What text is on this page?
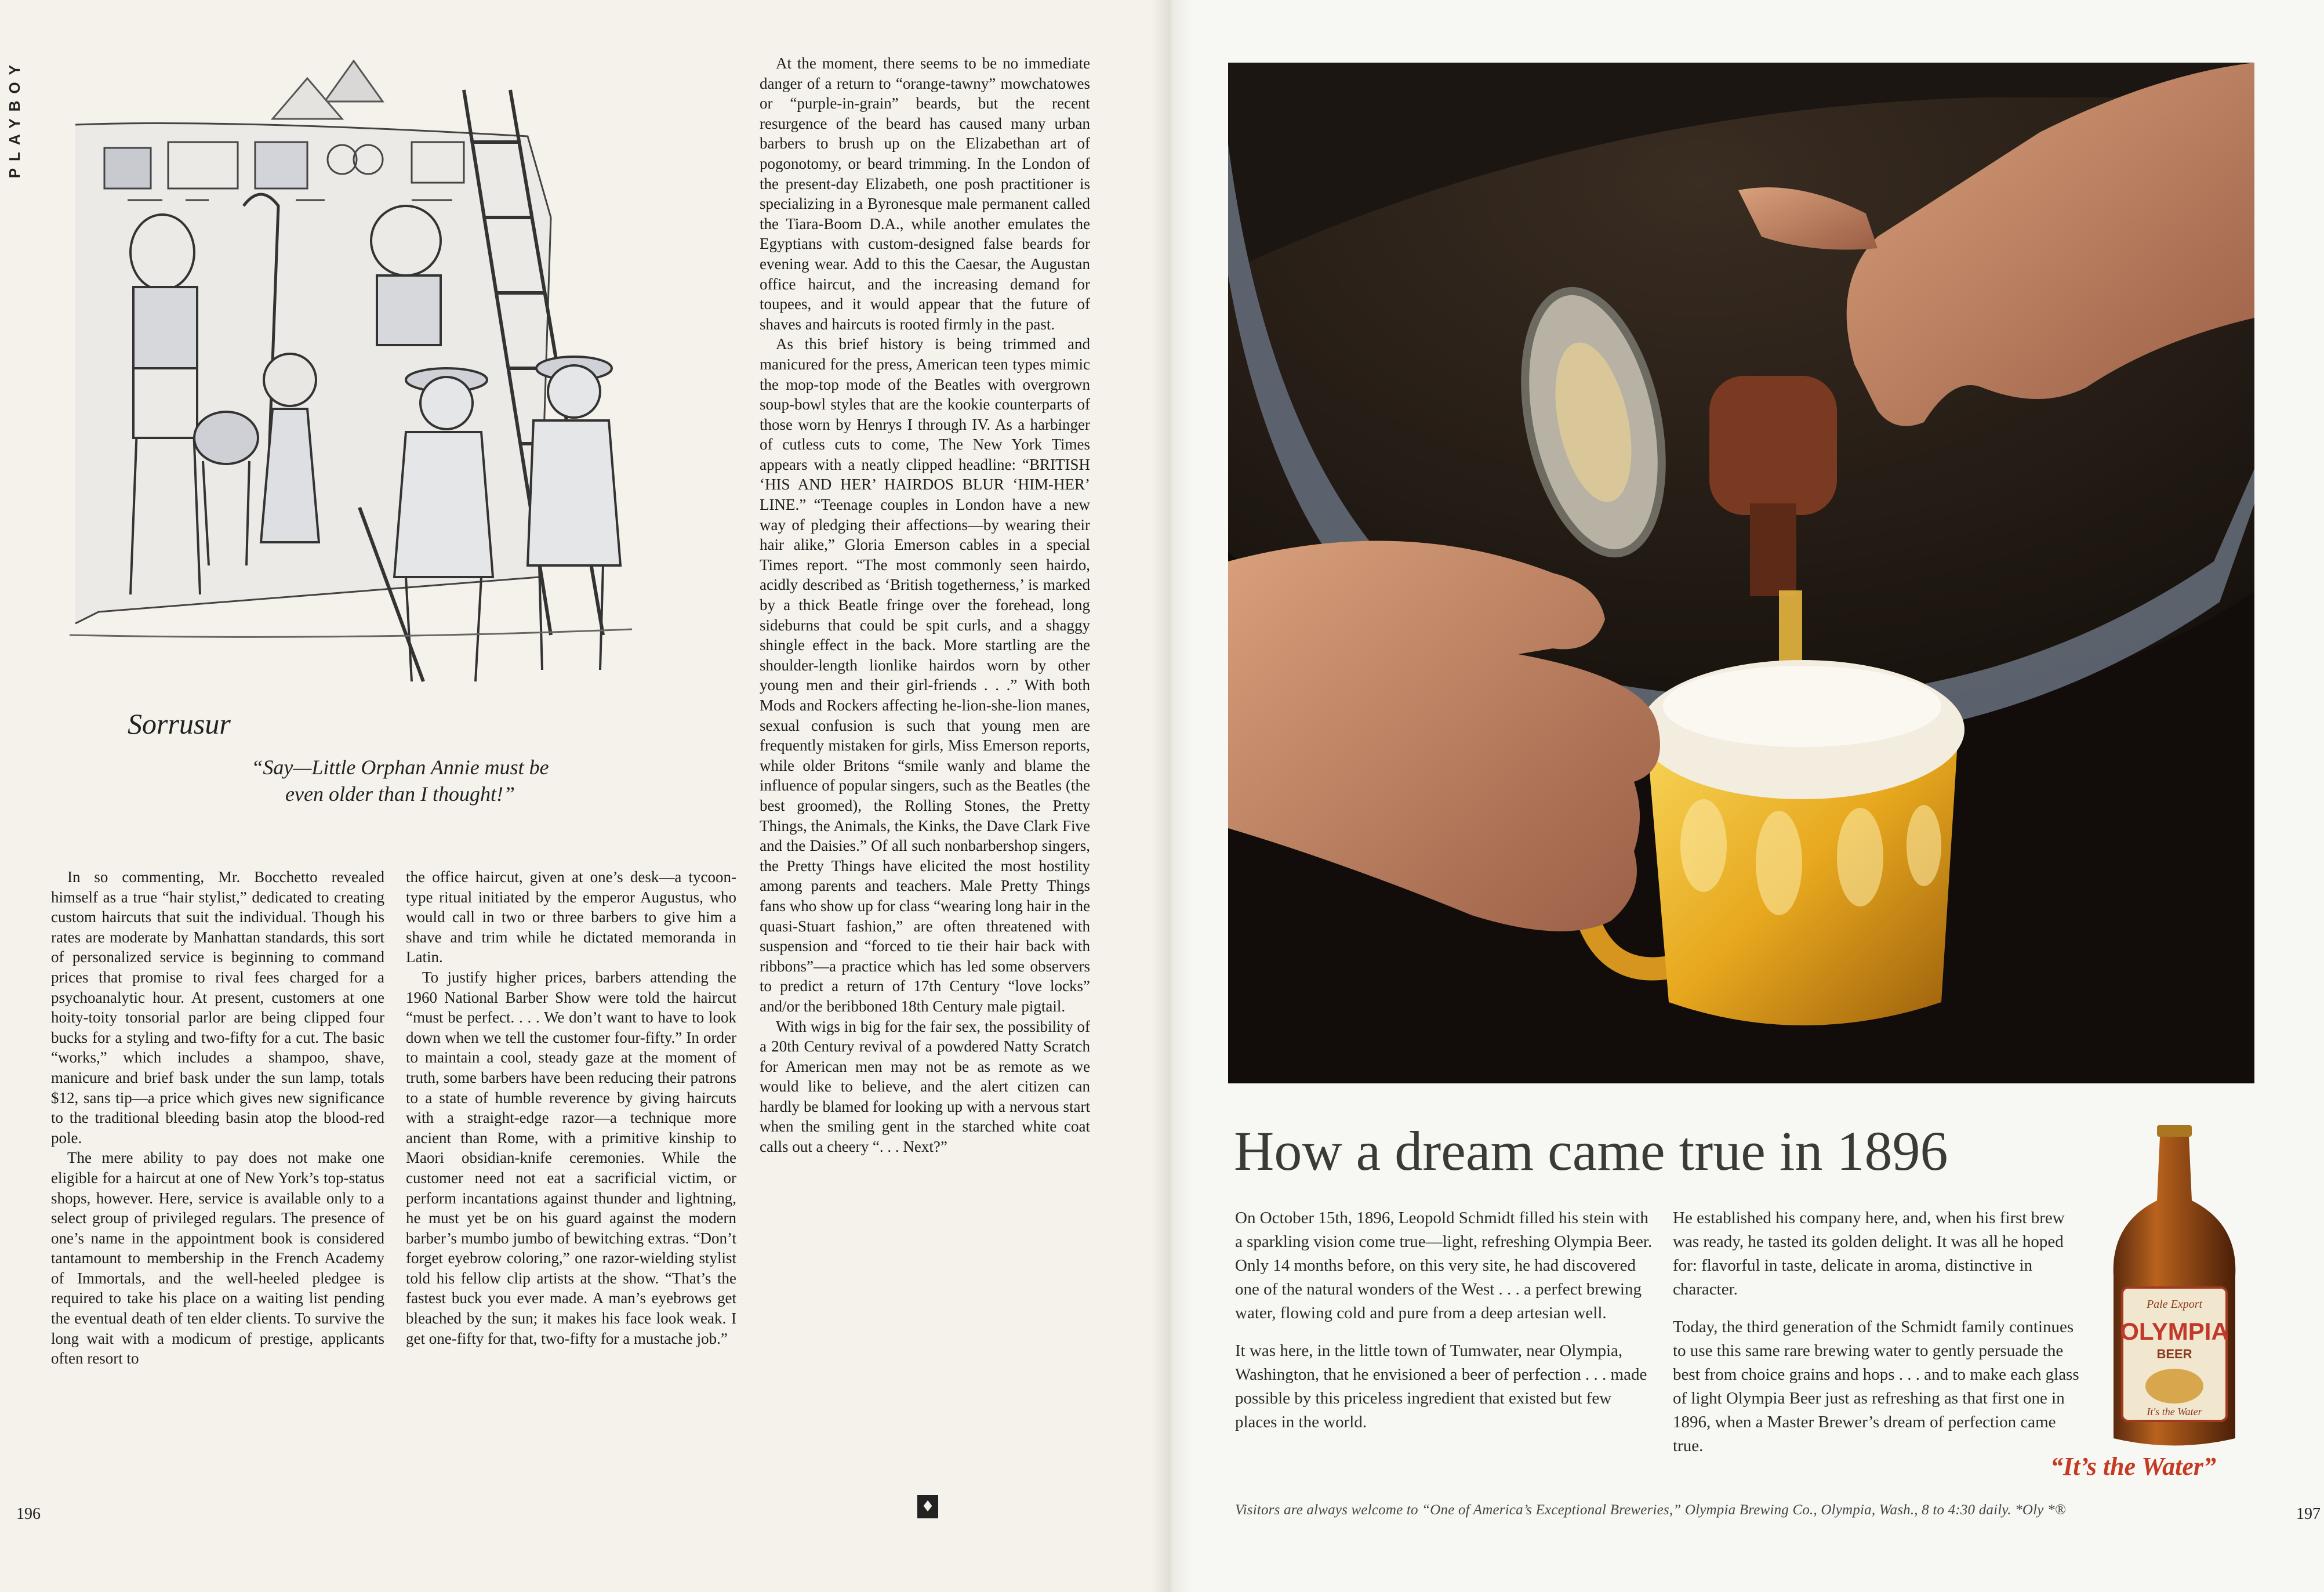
PLAYBOY
Sorrusur
“Say—Little Orphan Annie must be
even older than I thought!”

In so commenting, Mr. Bocchetto revealed himself as a true “hair stylist,” dedicated to creating custom haircuts that suit the individual. Though his rates are moderate by Manhattan standards, this sort of personalized service is beginning to command prices that promise to rival fees charged for a psychoanalytic hour. At present, customers at one hoity-toity tonsorial parlor are being clipped four bucks for a styling and two-fifty for a cut. The basic “works,” which includes a shampoo, shave, manicure and brief bask under the sun lamp, totals $12, sans tip—a price which gives new significance to the traditional bleeding basin atop the blood-red pole.

The mere ability to pay does not make one eligible for a haircut at one of New York’s top-status shops, however. Here, service is available only to a select group of privileged regulars. The presence of one’s name in the appointment book is considered tantamount to membership in the French Academy of Immortals, and the well-heeled pledgee is required to take his place on a waiting list pending the eventual death of ten elder clients. To survive the long wait with a modicum of prestige, applicants often resort to

the office haircut, given at one’s desk—a tycoon-type ritual initiated by the emperor Augustus, who would call in two or three barbers to give him a shave and trim while he dictated memoranda in Latin.

To justify higher prices, barbers attending the 1960 National Barber Show were told the haircut “must be perfect. . . . We don’t want to have to look down when we tell the customer four-fifty.” In order to maintain a cool, steady gaze at the moment of truth, some barbers have been reducing their patrons to a state of humble reverence by giving haircuts with a straight-edge razor—a technique more ancient than Rome, with a primitive kinship to Maori obsidian-knife ceremonies. While the customer need not eat a sacrificial victim, or perform incantations against thunder and lightning, he must yet be on his guard against the modern barber’s mumbo jumbo of bewitching extras. “Don’t forget eyebrow coloring,” one razor-wielding stylist told his fellow clip artists at the show. “That’s the fastest buck you ever made. A man’s eyebrows get bleached by the sun; it makes his face look weak. I get one-fifty for that, two-fifty for a mustache job.”

At the moment, there seems to be no immediate danger of a return to “orange-tawny” mowchatowes or “purple-in-grain” beards, but the recent resurgence of the beard has caused many urban barbers to brush up on the Elizabethan art of pogonotomy, or beard trimming. In the London of the present-day Elizabeth, one posh practitioner is specializing in a Byronesque male permanent called the Tiara-Boom D.A., while another emulates the Egyptians with custom-designed false beards for evening wear. Add to this the Caesar, the Augustan office haircut, and the increasing demand for toupees, and it would appear that the future of shaves and haircuts is rooted firmly in the past.

As this brief history is being trimmed and manicured for the press, American teen types mimic the mop-top mode of the Beatles with overgrown soup-bowl styles that are the kookie counterparts of those worn by Henrys I through IV. As a harbinger of cutless cuts to come, The New York Times appears with a neatly clipped headline: “BRITISH ‘HIS AND HER’ HAIRDOS BLUR ‘HIM-HER’ LINE.” “Teenage couples in London have a new way of pledging their affections—by wearing their hair alike,” Gloria Emerson cables in a special Times report. “The most commonly seen hairdo, acidly described as ‘British togetherness,’ is marked by a thick Beatle fringe over the forehead, long sideburns that could be spit curls, and a shaggy shingle effect in the back. More startling are the shoulder-length lionlike hairdos worn by other young men and their girl-friends . . .” With both Mods and Rockers affecting he-lion-she-lion manes, sexual confusion is such that young men are frequently mistaken for girls, Miss Emerson reports, while older Britons “smile wanly and blame the influence of popular singers, such as the Beatles (the best groomed), the Rolling Stones, the Pretty Things, the Animals, the Kinks, the Dave Clark Five and the Daisies.” Of all such nonbarbershop singers, the Pretty Things have elicited the most hostility among parents and teachers. Male Pretty Things fans who show up for class “wearing long hair in the quasi-Stuart fashion,” are often threatened with suspension and “forced to tie their hair back with ribbons”—a practice which has led some observers to predict a return of 17th Century “love locks” and/or the beribboned 18th Century male pigtail.

With wigs in big for the fair sex, the possibility of a 20th Century revival of a powdered Natty Scratch for American men may not be as remote as we would like to believe, and the alert citizen can hardly be blamed for looking up with a nervous start when the smiling gent in the starched white coat calls out a cheery “. . . Next?”

♦
196
How a dream came true in 1896

On October 15th, 1896, Leopold Schmidt filled his stein with a sparkling vision come true—light, refreshing Olympia Beer. Only 14 months before, on this very site, he had discovered one of the natural wonders of the West . . . a perfect brewing water, flowing cold and pure from a deep artesian well.

It was here, in the little town of Tumwater, near Olympia, Washington, that he envisioned a beer of perfection . . . made possible by this priceless ingredient that existed but few places in the world.

He established his company here, and, when his first brew was ready, he tasted its golden delight. It was all he hoped for: flavorful in taste, delicate in aroma, distinctive in character.

Today, the third generation of the Schmidt family continues to use this same rare brewing water to gently persuade the best from choice grains and hops . . . and to make each glass of light Olympia Beer just as refreshing as that first one in 1896, when a Master Brewer’s dream of perfection came true.

Pale Export
OLYMPIA
BEER
It's the Water
“It’s the Water”
Visitors are always welcome to “One of America’s Exceptional Breweries,” Olympia Brewing Co., Olympia, Wash., 8 to 4:30 daily. *Oly *®	197
